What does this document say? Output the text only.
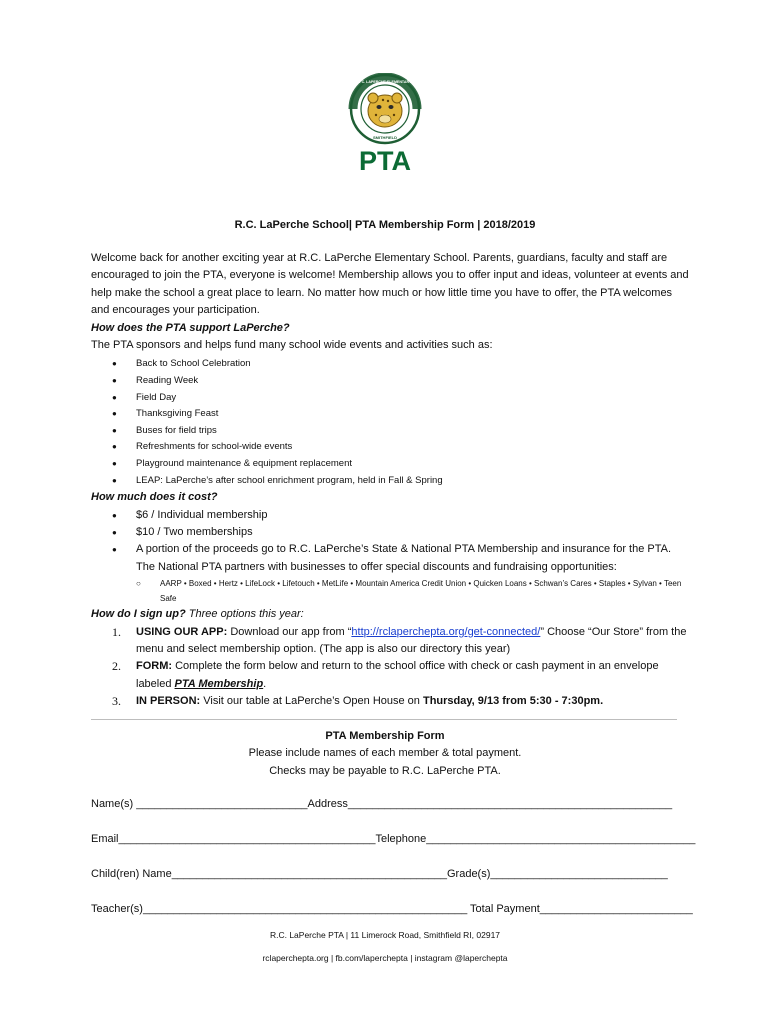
RAYMOND C. LAPERCHE ELEMENTARY SCHOOL
SMITHFIELD
PTA
R.C. LaPerche School| PTA Membership Form | 2018/2019

Welcome back for another exciting year at R.C. LaPerche Elementary School. Parents, guardians, faculty and staff are encouraged to join the PTA, everyone is welcome! Membership allows you to offer input and ideas, volunteer at events and help make the school a great place to learn. No matter how much or how little time you have to offer, the PTA welcomes and encourages your participation.

How does the PTA support LaPerche?

The PTA sponsors and helps fund many school wide events and activities such as:

● Back to School Celebration
● Reading Week
● Field Day
● Thanksgiving Feast
● Buses for field trips
● Refreshments for school-wide events
● Playground maintenance & equipment replacement
● LEAP: LaPerche’s after school enrichment program, held in Fall & Spring

How much does it cost?

● $6 / Individual membership
● $10 / Two memberships
● A portion of the proceeds go to R.C. LaPerche’s State & National PTA Membership and insurance for the PTA. The National PTA partners with businesses to offer special discounts and fundraising opportunities:
○ AARP • Boxed • Hertz • LifeLock • Lifetouch • MetLife • Mountain America Credit Union • Quicken Loans • Schwan’s Cares • Staples • Sylvan • Teen Safe

How do I sign up? Three options this year:

1. USING OUR APP: Download our app from “http://rclaperchepta.org/get-connected/” Choose “Our Store” from the menu and select membership option. (The app is also our directory this year)
2. FORM: Complete the form below and return to the school office with check or cash payment in an envelope labeled PTA Membership.
3. IN PERSON: Visit our table at LaPerche’s Open House on Thursday, 9/13 from 5:30 - 7:30pm.
PTA Membership Form
Please include names of each member & total payment.
Checks may be payable to R.C. LaPerche PTA.
Name(s) ____________________________Address_____________________________________________________
Email__________________________________________Telephone____________________________________________
Child(ren) Name_____________________________________________Grade(s)_____________________________
Teacher(s)_____________________________________________________ Total Payment_________________________
R.C. LaPerche PTA | 11 Limerock Road, Smithfield RI, 02917
rclaperchepta.org | fb.com/laperchepta | instagram @laperchepta
